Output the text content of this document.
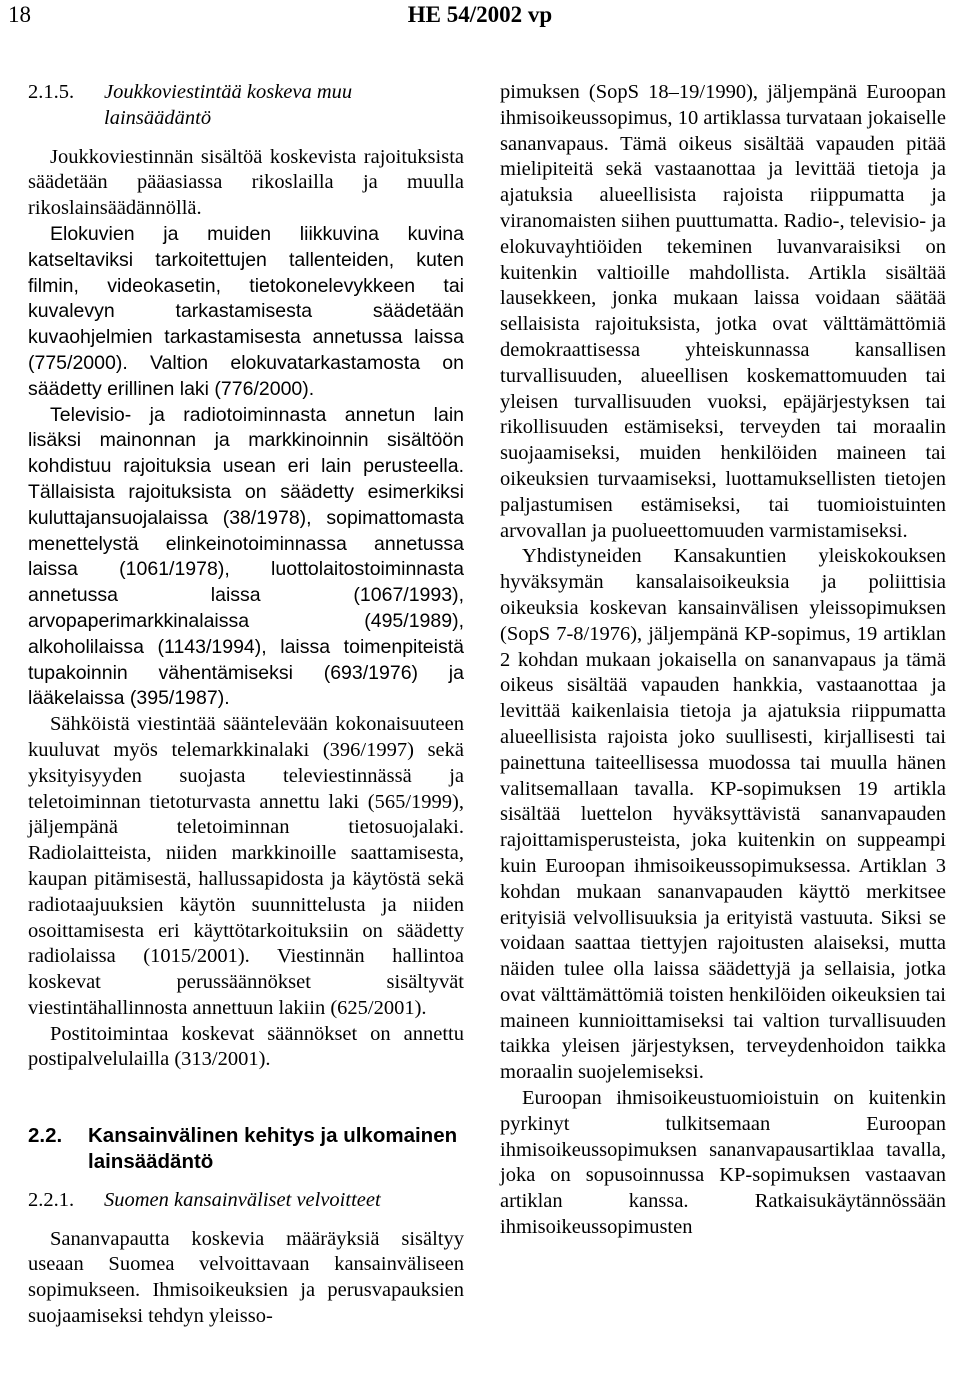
18	HE 54/2002 vp
2.1.5.	Joukkoviestintää koskeva muu lainsäädäntö

Joukkoviestinnän sisältöä koskevista rajoituksista säädetään pääasiassa rikoslailla ja muulla rikoslainsäädännöllä.

Elokuvien ja muiden liikkuvina kuvina katseltaviksi tarkoitettujen tallenteiden, kuten filmin, videokasetin, tietokonelevykkeen tai kuvalevyn tarkastamisesta säädetään kuvaohjelmien tarkastamisesta annetussa laissa (775/2000). Valtion elokuvatarkastamosta on säädetty erillinen laki (776/2000).

Televisio- ja radiotoiminnasta annetun lain lisäksi mainonnan ja markkinoinnin sisältöön kohdistuu rajoituksia usean eri lain perusteella. Tällaisista rajoituksista on säädetty esimerkiksi kuluttajansuojalaissa (38/1978), sopimattomasta menettelystä elinkeinotoiminnassa annetussa laissa (1061/1978), luottolaitostoiminnasta annetussa laissa (1067/1993), arvopaperimarkkinalaissa (495/1989), alkoholilaissa (1143/1994), laissa toimenpiteistä tupakoinnin vähentämiseksi (693/1976) ja lääkelaissa (395/1987).

Sähköistä viestintää sääntelevään kokonaisuuteen kuuluvat myös telemarkkinalaki (396/1997) sekä yksityisyyden suojasta televiestinnässä ja teletoiminnan tietoturvasta annettu laki (565/1999), jäljempänä teletoiminnan tietosuojalaki. Radiolaitteista, niiden markkinoille saattamisesta, kaupan pitämisestä, hallussapidosta ja käytöstä sekä radiotaajuuksien käytön suunnittelusta ja niiden osoittamisesta eri käyttötarkoituksiin on säädetty radiolaissa (1015/2001). Viestinnän hallintoa koskevat perussäännökset sisältyvät viestintähallinnosta annettuun lakiin (625/2001).

Postitoimintaa koskevat säännökset on annettu postipalvelulailla (313/2001).

2.2.	Kansainvälinen kehitys ja ulkomainen lainsäädäntö
2.2.1.	Suomen kansainväliset velvoitteet

Sananvapautta koskevia määräyksiä sisältyy useaan Suomea velvoittavaan kansainväliseen sopimukseen. Ihmisoikeuksien ja perusvapauksien suojaamiseksi tehdyn yleisso-

pimuksen (SopS 18–19/1990), jäljempänä Euroopan ihmisoikeussopimus, 10 artiklassa turvataan jokaiselle sananvapaus. Tämä oikeus sisältää vapauden pitää mielipiteitä sekä vastaanottaa ja levittää tietoja ja ajatuksia alueellisista rajoista riippumatta ja viranomaisten siihen puuttumatta. Radio-, televisio- ja elokuvayhtiöiden tekeminen luvanvaraisiksi on kuitenkin valtioille mahdollista. Artikla sisältää lausekkeen, jonka mukaan laissa voidaan säätää sellaisista rajoituksista, jotka ovat välttämättömiä demokraattisessa yhteiskunnassa kansallisen turvallisuuden, alueellisen koskemattomuuden tai yleisen turvallisuuden vuoksi, epäjärjestyksen tai rikollisuuden estämiseksi, terveyden tai moraalin suojaamiseksi, muiden henkilöiden maineen tai oikeuksien turvaamiseksi, luottamuksellisten tietojen paljastumisen estämiseksi, tai tuomioistuinten arvovallan ja puolueettomuuden varmistamiseksi.

Yhdistyneiden Kansakuntien yleiskokouksen hyväksymän kansalaisoikeuksia ja poliittisia oikeuksia koskevan kansainvälisen yleissopimuksen (SopS 7-8/1976), jäljempänä KP-sopimus, 19 artiklan 2 kohdan mukaan jokaisella on sananvapaus ja tämä oikeus sisältää vapauden hankkia, vastaanottaa ja levittää kaikenlaisia tietoja ja ajatuksia riippumatta alueellisista rajoista joko suullisesti, kirjallisesti tai painettuna taiteellisessa muodossa tai muulla hänen valitsemallaan tavalla. KP-sopimuksen 19 artikla sisältää luettelon hyväksyttävistä sananvapauden rajoittamisperusteista, joka kuitenkin on suppeampi kuin Euroopan ihmisoikeussopimuksessa. Artiklan 3 kohdan mukaan sananvapauden käyttö merkitsee erityisiä velvollisuuksia ja erityistä vastuuta. Siksi se voidaan saattaa tiettyjen rajoitusten alaiseksi, mutta näiden tulee olla laissa säädettyjä ja sellaisia, jotka ovat välttämättömiä toisten henkilöiden oikeuksien tai maineen kunnioittamiseksi tai valtion turvallisuuden taikka yleisen järjestyksen, terveydenhoidon taikka moraalin suojelemiseksi.

Euroopan ihmisoikeustuomioistuin on kuitenkin pyrkinyt tulkitsemaan Euroopan ihmisoikeussopimuksen sananvapausartiklaa tavalla, joka on sopusoinnussa KP-sopimuksen vastaavan artiklan kanssa. Ratkaisukäytännössään ihmisoikeussopimusten
